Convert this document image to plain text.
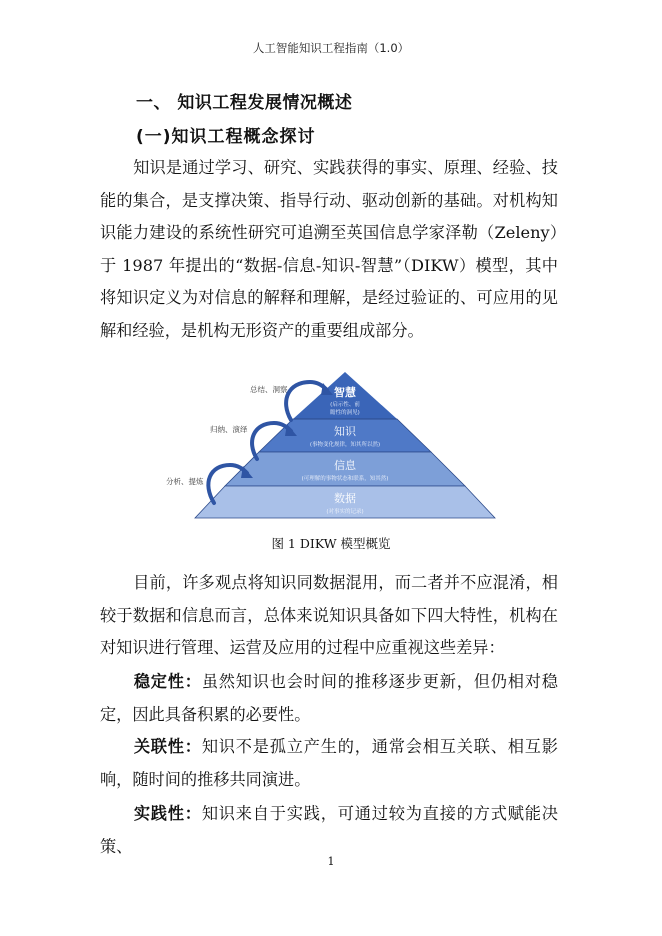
人工智能知识工程指南（1.0）
一、 知识工程发展情况概述
(一)知识工程概念探讨
知识是通过学习、研究、实践获得的事实、原理、经验、技能的集合，是支撑决策、指导行动、驱动创新的基础。对机构知识能力建设的系统性研究可追溯至英国信息学家泽勒（Zeleny）于 1987 年提出的“数据-信息-知识-智慧”（DIKW）模型，其中将知识定义为对信息的解释和理解，是经过验证的、可应用的见解和经验，是机构无形资产的重要组成部分。
智慧
(启示性、前
瞻性的洞见)
知识
(事物变化规律，知其所以然)
信息
(可理解的事物状态和联系，知其然)
数据
(对事实的记录)
分析、提炼
归纳、演绎
总结、洞察
图 1 DIKW 模型概览
目前，许多观点将知识同数据混用，而二者并不应混淆，相较于数据和信息而言，总体来说知识具备如下四大特性，机构在对知识进行管理、运营及应用的过程中应重视这些差异：
稳定性：虽然知识也会时间的推移逐步更新，但仍相对稳定，因此具备积累的必要性。
关联性：知识不是孤立产生的，通常会相互关联、相互影响，随时间的推移共同演进。
实践性：知识来自于实践，可通过较为直接的方式赋能决策、
1
